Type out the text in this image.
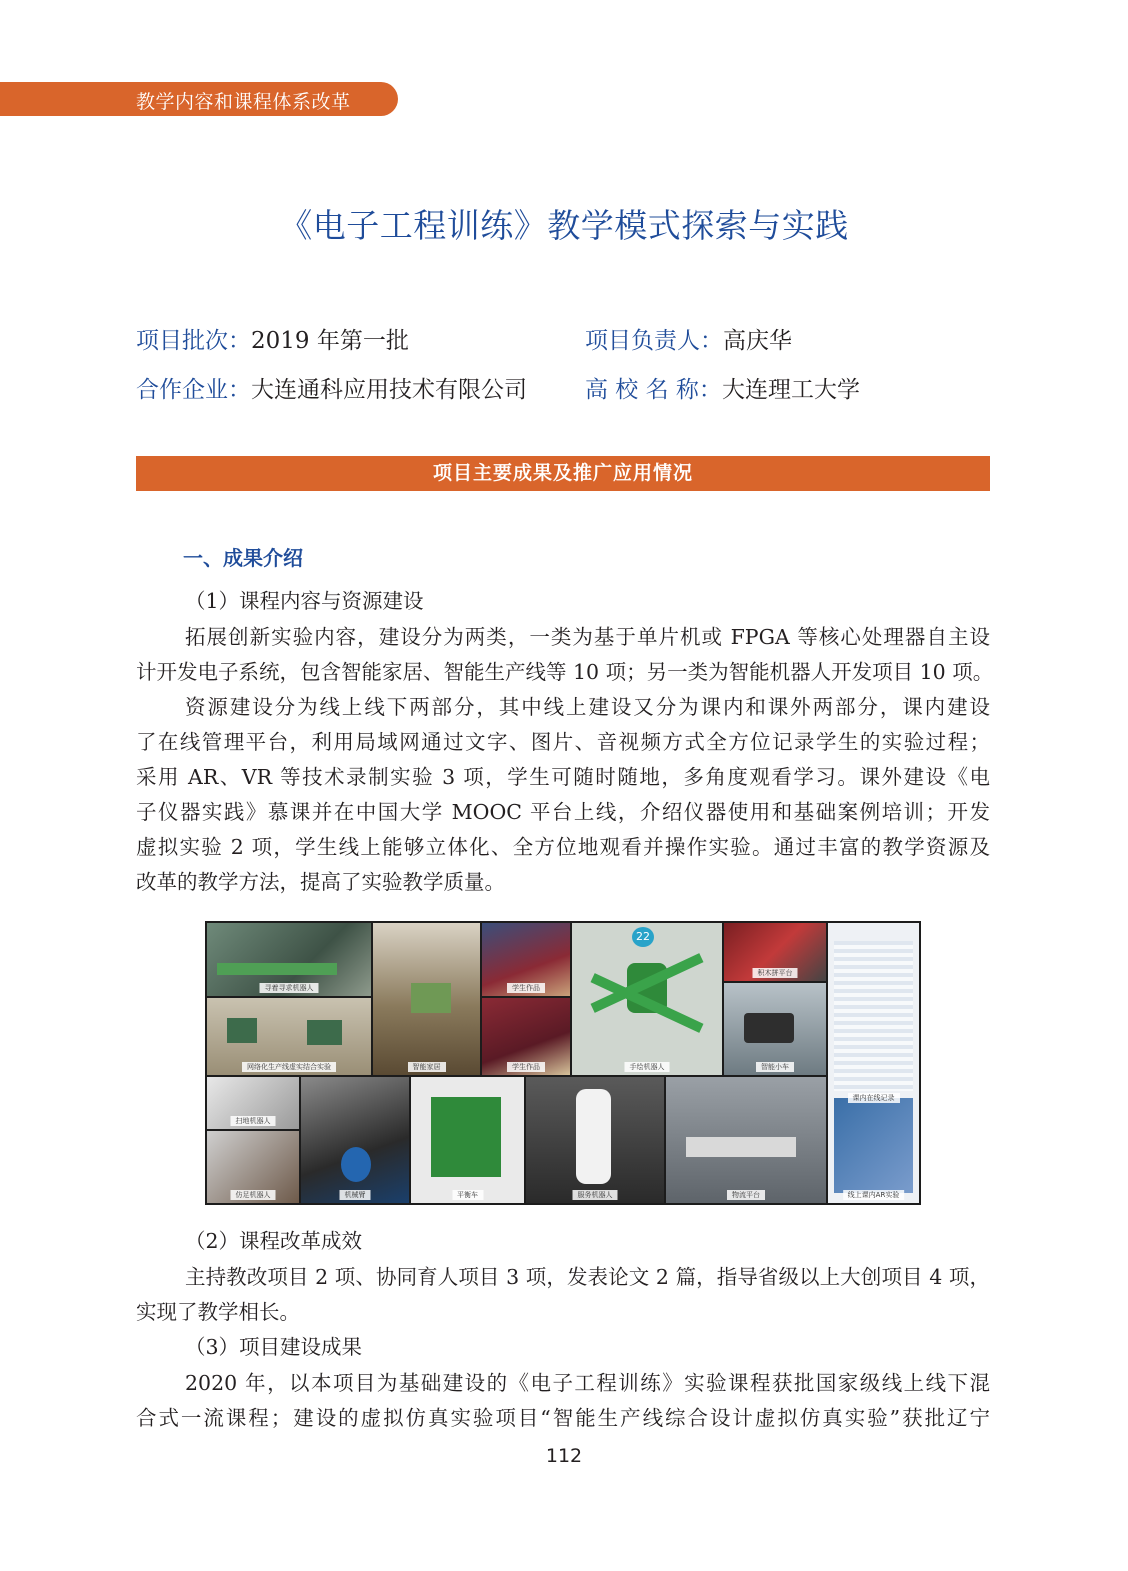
教学内容和课程体系改革
《电子工程训练》教学模式探索与实践
项目批次：2019 年第一批	项目负责人：高庆华
合作企业：大连通科应用技术有限公司	高 校 名 称：大连理工大学
项目主要成果及推广应用情况
一、成果介绍
（1）课程内容与资源建设
拓展创新实验内容，建设分为两类，一类为基于单片机或 FPGA 等核心处理器自主设
计开发电子系统，包含智能家居、智能生产线等 10 项；另一类为智能机器人开发项目 10 项。
资源建设分为线上线下两部分，其中线上建设又分为课内和课外两部分，课内建设
了在线管理平台，利用局域网通过文字、图片、音视频方式全方位记录学生的实验过程；
采用 AR、VR 等技术录制实验 3 项，学生可随时随地，多角度观看学习。课外建设《电
子仪器实践》慕课并在中国大学 MOOC 平台上线，介绍仪器使用和基础案例培训；开发
虚拟实验 2 项，学生线上能够立体化、全方位地观看并操作实验。通过丰富的教学资源及
改革的教学方法，提高了实验教学质量。
寻着寻求机器人
智能家居
学生作品
22
手绘机器人
积木拼平台
课内在线记录
线上课内AR实验
网络化生产线虚实结合实验	学生作品	智能小车
扫地机器人
仿足机器人	机械臂	平衡车	服务机器人	物流平台
（2）课程改革成效
主持教改项目 2 项、协同育人项目 3 项，发表论文 2 篇，指导省级以上大创项目 4 项，
实现了教学相长。
（3）项目建设成果
2020 年，以本项目为基础建设的《电子工程训练》实验课程获批国家级线上线下混
合式一流课程；建设的虚拟仿真实验项目“智能生产线综合设计虚拟仿真实验”获批辽宁
112
